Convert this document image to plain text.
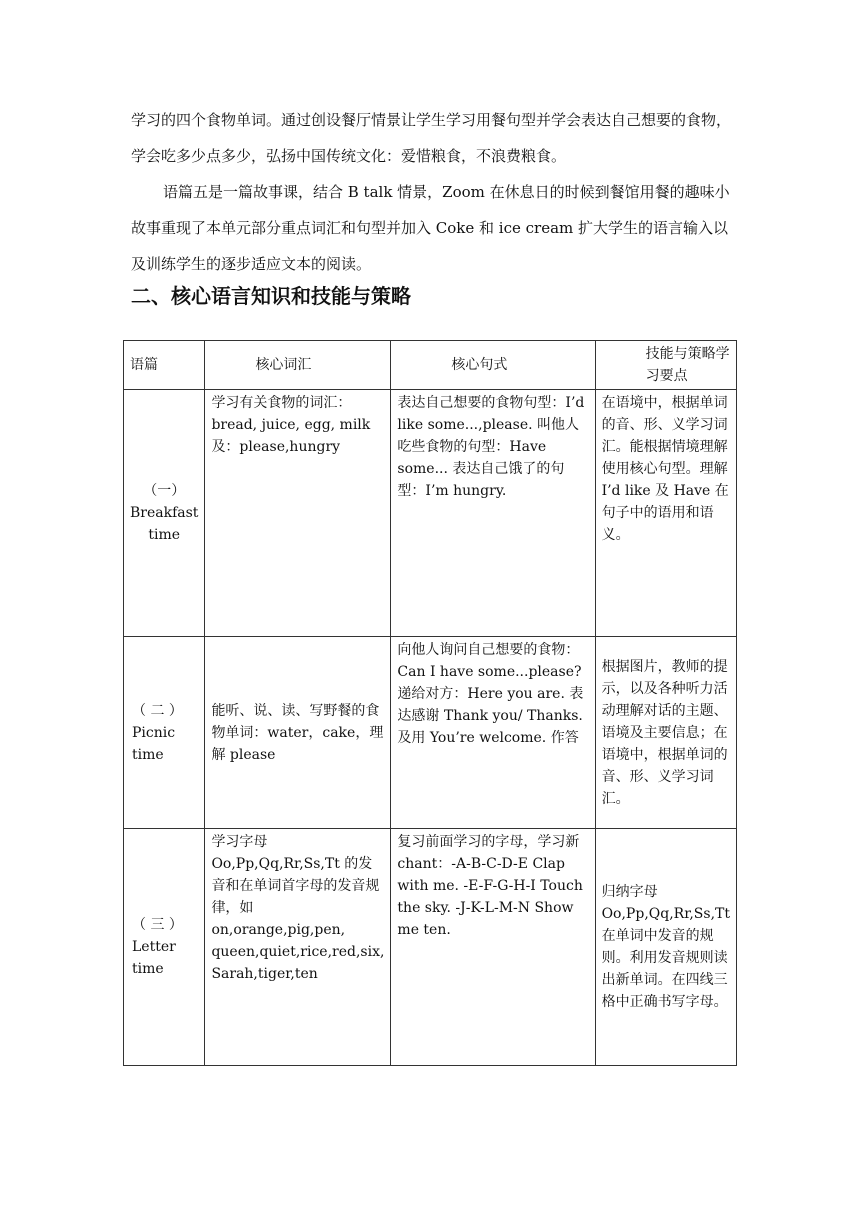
学习的四个食物单词。通过创设餐厅情景让学生学习用餐句型并学会表达自己想要的食物，学会吃多少点多少，弘扬中国传统文化：爱惜粮食，不浪费粮食。
语篇五是一篇故事课，结合 B talk 情景，Zoom 在休息日的时候到餐馆用餐的趣味小故事重现了本单元部分重点词汇和句型并加入 Coke 和 ice cream 扩大学生的语言输入以及训练学生的逐步适应文本的阅读。
二、核心语言知识和技能与策略
语篇	核心词汇	核心句式	技能与策略学习要点
（一）Breakfast time	学习有关食物的词汇：bread, juice, egg, milk 及：please,hungry	表达自己想要的食物句型：I’d like some...,please. 叫他人吃些食物的句型：Have some... 表达自己饿了的句型：I’m hungry.	在语境中，根据单词的音、形、义学习词汇。能根据情境理解使用核心句型。理解 I’d like 及 Have 在句子中的语用和语义。
（ 二 ）Picnic time	能听、说、读、写野餐的食物单词：water，cake，理解 please	向他人询问自己想要的食物：Can I have some...please?递给对方：Here you are. 表达感谢 Thank you/ Thanks. 及用 You’re welcome. 作答	根据图片，教师的提示，以及各种听力活动理解对话的主题、语境及主要信息；在语境中，根据单词的音、形、义学习词汇。
（ 三 ）Letter time	学习字母 Oo,Pp,Qq,Rr,Ss,Tt 的发音和在单词首字母的发音规律，如 on,orange,pig,pen, queen,quiet,rice,red,six, Sarah,tiger,ten	复习前面学习的字母，学习新 chant：-A-B-C-D-E Clap with me. -E-F-G-H-I Touch the sky. -J-K-L-M-N Show me ten.	归纳字母 Oo,Pp,Qq,Rr,Ss,Tt 在单词中发音的规则。利用发音规则读出新单词。在四线三格中正确书写字母。
